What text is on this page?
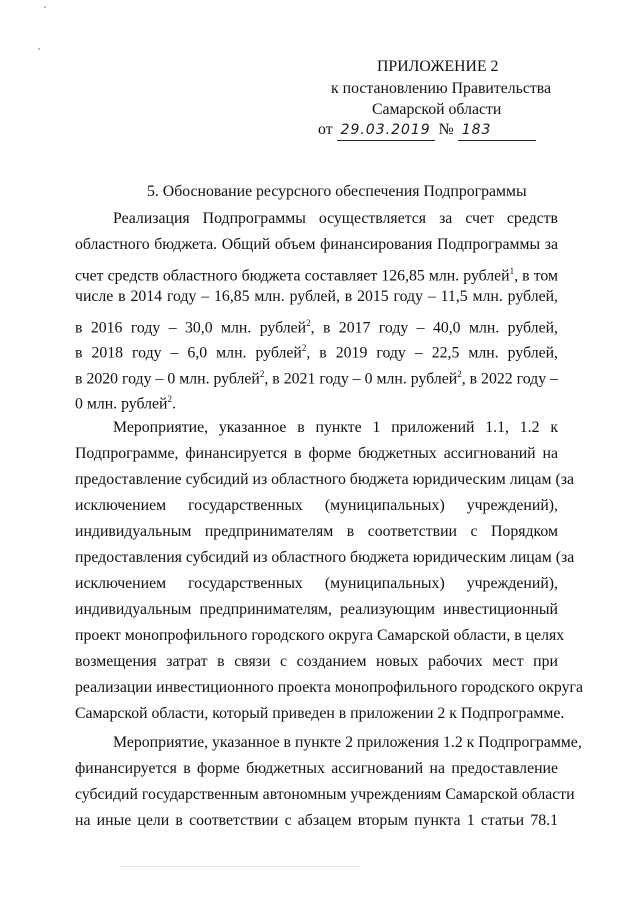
ПРИЛОЖЕНИЕ 2
к постановлению Правительства
Самарской области
от 29.03.2019 № 183
5. Обоснование ресурсного обеспечения Подпрограммы
Реализация Подпрограммы осуществляется за счет средств
областного бюджета. Общий объем финансирования Подпрограммы за
счет средств областного бюджета составляет 126,85 млн. рублей$^1$, в том
числе в 2014 году – 16,85 млн. рублей, в 2015 году – 11,5 млн. рублей,
в 2016 году – 30,0 млн. рублей$^2$, в 2017 году – 40,0 млн. рублей,
в 2018 году – 6,0 млн. рублей$^2$, в 2019 году – 22,5 млн. рублей,
в 2020 году – 0 млн. рублей$^2$, в 2021 году – 0 млн. рублей$^2$, в 2022 году –
0 млн. рублей$^2$.
Мероприятие, указанное в пункте 1 приложений 1.1, 1.2 к
Подпрограмме, финансируется в форме бюджетных ассигнований на
предоставление субсидий из областного бюджета юридическим лицам (за
исключением государственных (муниципальных) учреждений),
индивидуальным предпринимателям в соответствии с Порядком
предоставления субсидий из областного бюджета юридическим лицам (за
исключением государственных (муниципальных) учреждений),
индивидуальным предпринимателям, реализующим инвестиционный
проект монопрофильного городского округа Самарской области, в целях
возмещения затрат в связи с созданием новых рабочих мест при
реализации инвестиционного проекта монопрофильного городского округа
Самарской области, который приведен в приложении 2 к Подпрограмме.
Мероприятие, указанное в пункте 2 приложения 1.2 к Подпрограмме,
финансируется в форме бюджетных ассигнований на предоставление
субсидий государственным автономным учреждениям Самарской области
на иные цели в соответствии с абзацем вторым пункта 1 статьи 78.1
